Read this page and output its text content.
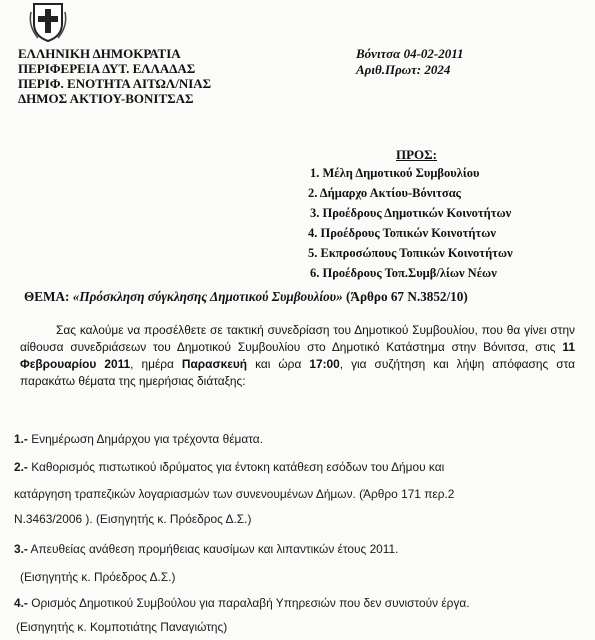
ΕΛΛΗΝΙΚΗ ΔΗΜΟΚΡΑΤΙΑ
ΠΕΡΙΦΕΡΕΙΑ ΔΥΤ. ΕΛΛΑΔΑΣ
ΠΕΡΙΦ. ΕΝΟΤΗΤΑ ΑΙΤΩΛ/ΝΙΑΣ
ΔΗΜΟΣ ΑΚΤΙΟΥ-ΒΟΝΙΤΣΑΣ
Βόνιτσα 04-02-2011
Αριθ.Πρωτ: 2024
ΠΡΟΣ:
1. Μέλη Δημοτικού Συμβουλίου
2. Δήμαρχο Ακτίου-Βόνιτσας
3. Προέδρους Δημοτικών Κοινοτήτων
4. Προέδρους Τοπικών Κοινοτήτων
5. Εκπροσώπους Τοπικών Κοινοτήτων
6. Προέδρους Τοπ.Συμβ/λίων Νέων
ΘΕΜΑ: «Πρόσκληση σύγκλησης Δημοτικού Συμβουλίου» (Άρθρο 67 Ν.3852/10)

Σας καλούμε να προσέλθετε σε τακτική συνεδρίαση του Δημοτικού Συμβουλίου, που θα γίνει στην αίθουσα συνεδριάσεων του Δημοτικού Συμβουλίου στο Δημοτικό Κατάστημα στην Βόνιτσα, στις 11 Φεβρουαρίου 2011, ημέρα Παρασκευή και ώρα 17:00, για συζήτηση και λήψη απόφασης στα παρακάτω θέματα της ημερήσιας διάταξης:

1.- Ενημέρωση Δημάρχου για τρέχοντα θέματα.
2.- Καθορισμός πιστωτικού ιδρύματος για έντοκη κατάθεση εσόδων του Δήμου και
κατάργηση τραπεζικών λογαριασμών των συνενουμένων Δήμων. (Άρθρο 171 περ.2
Ν.3463/2006 ). (Εισηγητής κ. Πρόεδρος Δ.Σ.)
3.- Απευθείας ανάθεση προμήθειας καυσίμων και λιπαντικών έτους 2011.
(Εισηγητής κ. Πρόεδρος Δ.Σ.)
4.- Ορισμός Δημοτικού Συμβούλου για παραλαβή Υπηρεσιών που δεν συνιστούν έργα.
(Εισηγητής κ. Κομποτιάτης Παναγιώτης)
